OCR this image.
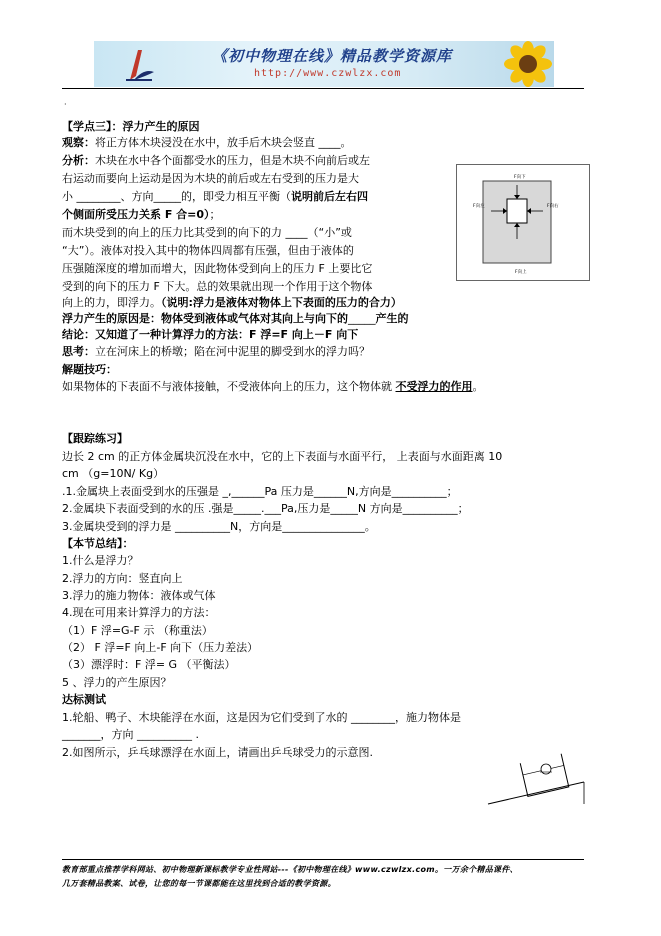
《初中物理在线》精品教学资源库
http://www.czwlzx.com
·
【学点三】：浮力产生的原因
观察：将正方体木块浸没在水中，放手后木块会竖直 ____。
分析：木块在水中各个面都受水的压力，但是木块不向前后或左
右运动而要向上运动是因为木块的前后或左右受到的压力是大
小 ________、方向_____的，即受力相互平衡（说明前后左右四
个侧面所受压力关系 F 合=0）；
而木块受到的向上的压力比其受到的向下的力 ____（“小”或
“大”）。液体对投入其中的物体四周都有压强，但由于液体的
压强随深度的增加而增大，因此物体受到向上的压力 F 上要比它
受到的向下的压力 F 下大。总的效果就出现一个作用于这个物体
向上的力，即浮力。（说明:浮力是液体对物体上下表面的压力的合力）
浮力产生的原因是：物体受到液体或气体对其向上与向下的_____产生的
结论：又知道了一种计算浮力的方法：F 浮=F 向上－F 向下
思考：立在河床上的桥墩；陷在河中泥里的脚受到水的浮力吗？
解题技巧：
如果物体的下表面不与液体接触，不受液体向上的压力，这个物体就 不受浮力的作用。
F向下
F向左	F向右
F向上
【跟踪练习】
边长 2 cm 的正方体金属块沉没在水中，它的上下表面与水面平行， 上表面与水面距离 10
cm （g=10N/ Kg）
.1.金属块上表面受到水的压强是 _,______Pa 压力是______N,方向是__________；
2.金属块下表面受到的水的压 .强是_____.___Pa,压力是_____N 方向是__________；
3.金属块受到的浮力是 __________N，方向是_______________。
【本节总结】：
1.什么是浮力？
2.浮力的方向：竖直向上
3.浮力的施力物体：液体或气体
4.现在可用来计算浮力的方法：
（1）F 浮=G-F 示 （称重法）
（2） F 浮=F 向上-F 向下（压力差法）
（3）漂浮时：F 浮= G （平衡法）
5 、浮力的产生原因？
达标测试
1.轮船、鸭子、木块能浮在水面，这是因为它们受到了水的 ________，施力物体是
_______，方向 __________ .
2.如图所示，乒乓球漂浮在水面上，请画出乒乓球受力的示意图.
教育部重点推荐学科网站、初中物理新课标教学专业性网站---《初中物理在线》www.czwlzx.com。一万余个精品课件、
几万套精品教案、试卷，让您的每一节课都能在这里找到合适的教学资源。
